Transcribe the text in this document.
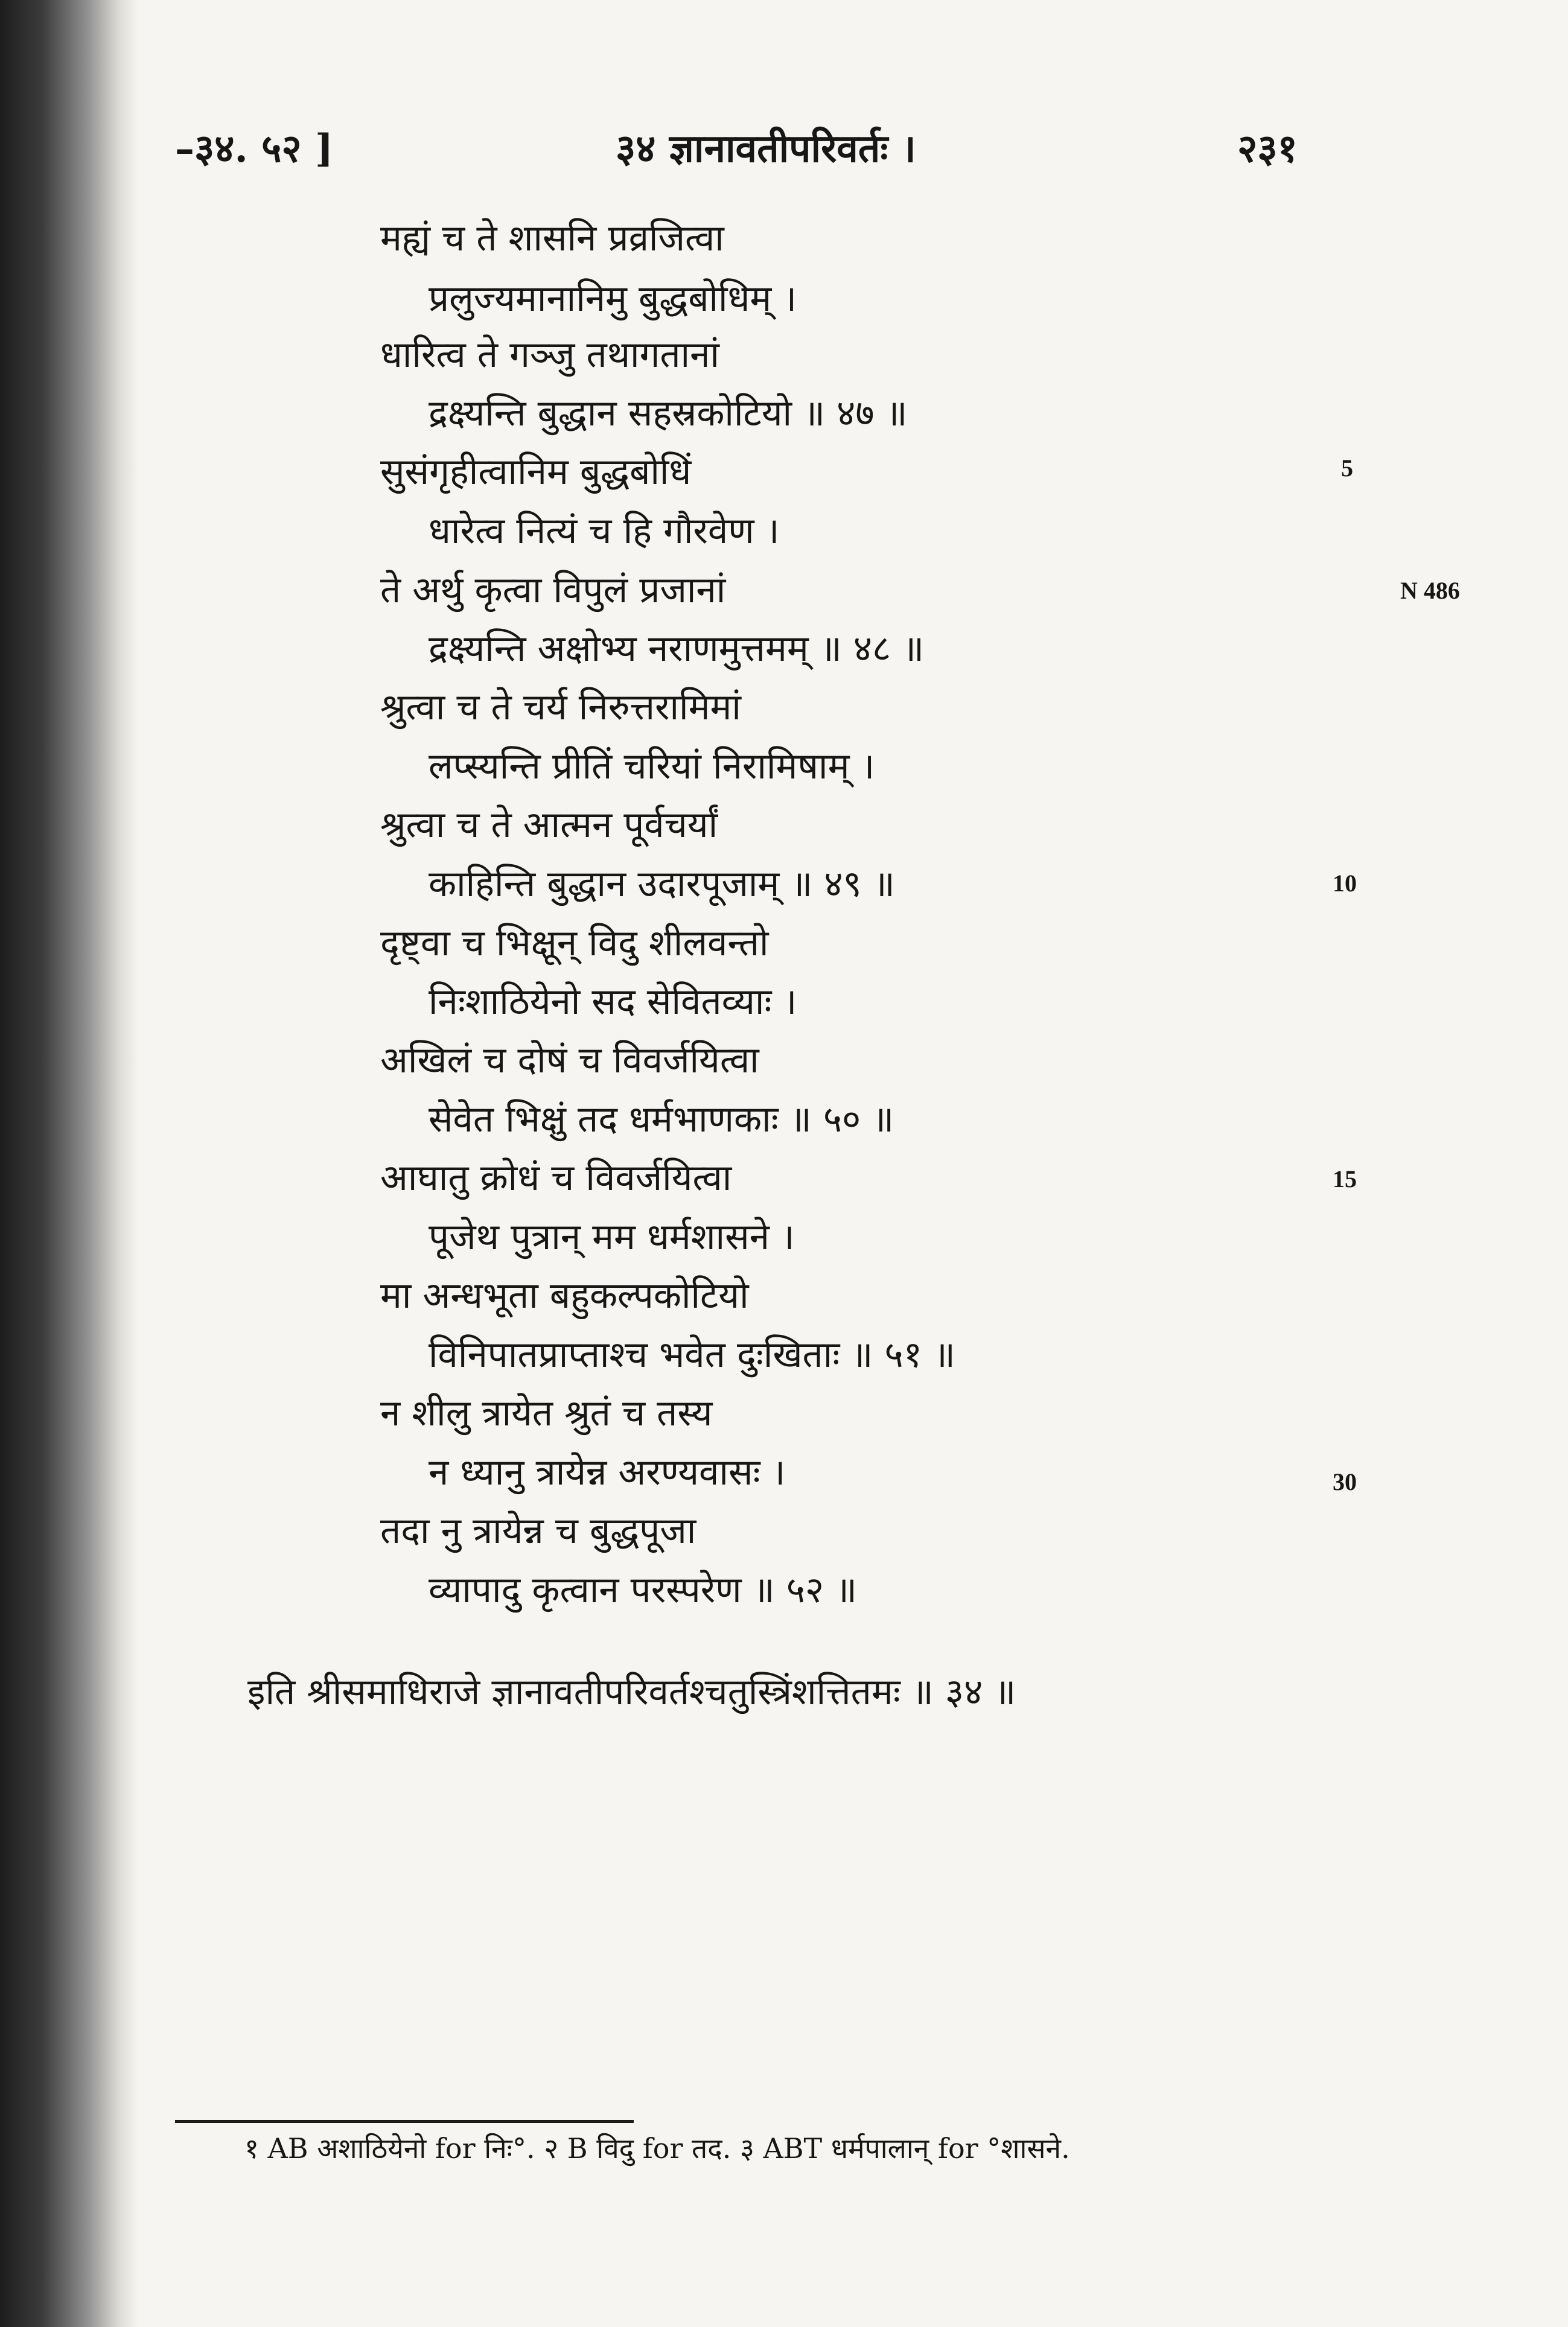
–३४. ५२ ]	३४ ज्ञानावतीपरिवर्तः ।	२३१
मह्यं च ते शासनि प्रव्रजित्वा
प्रलुज्यमानानिमु बुद्धबोधिम् ।
धारित्व ते गञ्जु तथागतानां
द्रक्ष्यन्ति बुद्धान सहस्रकोटियो ॥ ४७ ॥
सुसंगृहीत्वानिम बुद्धबोधिं
धारेत्व नित्यं च हि गौरवेण ।
ते अर्थु कृत्वा विपुलं प्रजानां
द्रक्ष्यन्ति अक्षोभ्य नराणमुत्तमम् ॥ ४८ ॥
श्रुत्वा च ते चर्य निरुत्तरामिमां
लप्स्यन्ति प्रीतिं चरियां निरामिषाम् ।
श्रुत्वा च ते आत्मन पूर्वचर्यां
काहिन्ति बुद्धान उदारपूजाम् ॥ ४९ ॥
दृष्ट्वा च भिक्षून् विदु शीलवन्तो
निःशाठियेनो सद सेवितव्याः ।
अखिलं च दोषं च विवर्जयित्वा
सेवेत भिक्षुं तद धर्मभाणकाः ॥ ५० ॥
आघातु क्रोधं च विवर्जयित्वा
पूजेथ पुत्रान् मम धर्मशासने ।
मा अन्धभूता बहुकल्पकोटियो
विनिपातप्राप्ताश्च भवेत दुःखिताः ॥ ५१ ॥
न शीलु त्रायेत श्रुतं च तस्य
न ध्यानु त्रायेन्न अरण्यवासः ।
तदा नु त्रायेन्न च बुद्धपूजा
व्यापादु कृत्वान परस्परेण ॥ ५२ ॥
5
N 486
10
15
30
इति श्रीसमाधिराजे ज्ञानावतीपरिवर्तश्चतुस्त्रिंशत्तितमः ॥ ३४ ॥
१ AB अशाठियेनो for निः°. २ B विदु for तद. ३ ABT धर्मपालान् for °शासने.
